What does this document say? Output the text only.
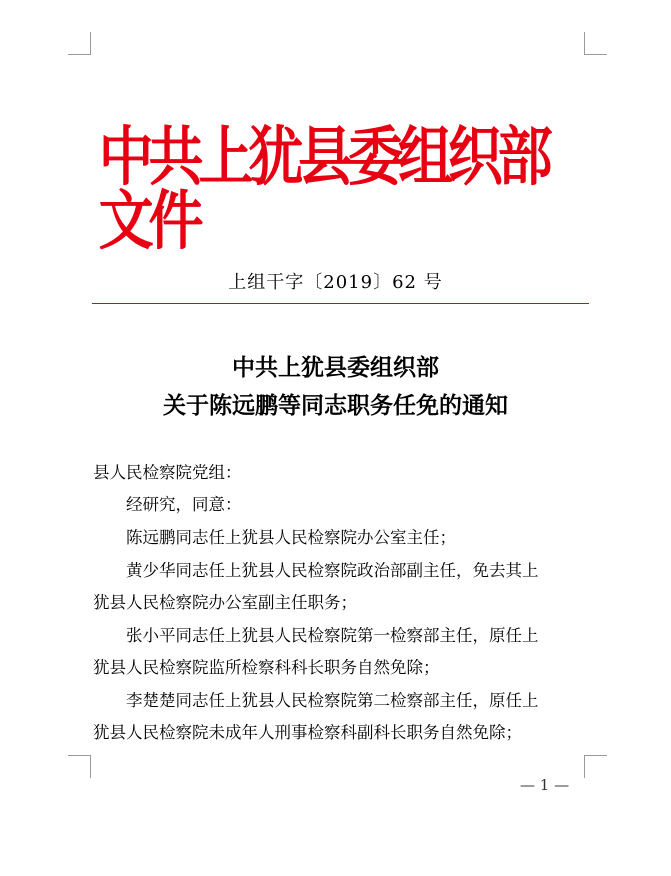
中共上犹县委组织部文件
上组干字〔2019〕62 号
中共上犹县委组织部
关于陈远鹏等同志职务任免的通知
县人民检察院党组：
经研究，同意：
陈远鹏同志任上犹县人民检察院办公室主任；
黄少华同志任上犹县人民检察院政治部副主任，免去其上
犹县人民检察院办公室副主任职务；
张小平同志任上犹县人民检察院第一检察部主任，原任上
犹县人民检察院监所检察科科长职务自然免除；
李楚楚同志任上犹县人民检察院第二检察部主任，原任上
犹县人民检察院未成年人刑事检察科副科长职务自然免除；
— 1 —
